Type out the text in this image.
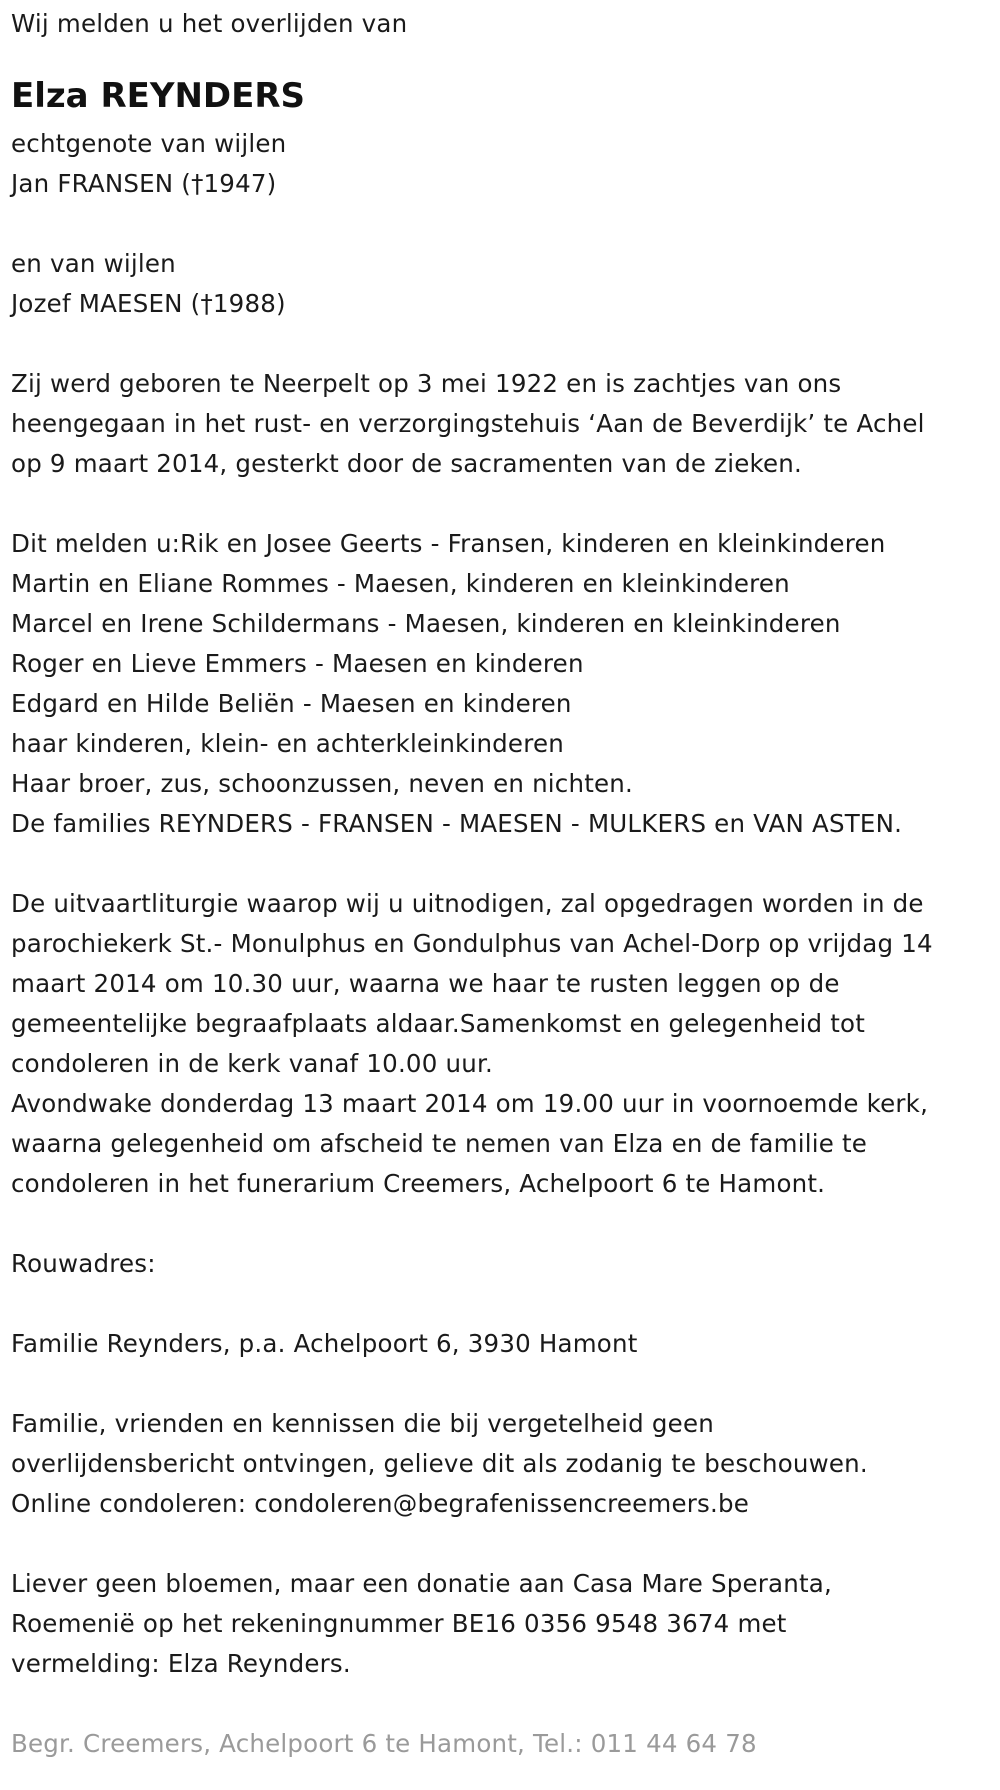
Wij melden u het overlijden van
Elza REYNDERS
echtgenote van wijlen
Jan FRANSEN (†1947)
en van wijlen
Jozef MAESEN (†1988)
Zij werd geboren te Neerpelt op 3 mei 1922 en is zachtjes van ons
heengegaan in het rust- en verzorgingstehuis ‘Aan de Beverdijk’ te Achel
op 9 maart 2014, gesterkt door de sacramenten van de zieken.
Dit melden u:Rik en Josee Geerts - Fransen, kinderen en kleinkinderen
Martin en Eliane Rommes - Maesen, kinderen en kleinkinderen
Marcel en Irene Schildermans - Maesen, kinderen en kleinkinderen
Roger en Lieve Emmers - Maesen en kinderen
Edgard en Hilde Beliën - Maesen en kinderen
haar kinderen, klein- en achterkleinkinderen
Haar broer, zus, schoonzussen, neven en nichten.
De families REYNDERS - FRANSEN - MAESEN - MULKERS en VAN ASTEN.
De uitvaartliturgie waarop wij u uitnodigen, zal opgedragen worden in de
parochiekerk St.- Monulphus en Gondulphus van Achel-Dorp op vrijdag 14
maart 2014 om 10.30 uur, waarna we haar te rusten leggen op de
gemeentelijke begraafplaats aldaar.Samenkomst en gelegenheid tot
condoleren in de kerk vanaf 10.00 uur.
Avondwake donderdag 13 maart 2014 om 19.00 uur in voornoemde kerk,
waarna gelegenheid om afscheid te nemen van Elza en de familie te
condoleren in het funerarium Creemers, Achelpoort 6 te Hamont.
Rouwadres:
Familie Reynders, p.a. Achelpoort 6, 3930 Hamont
Familie, vrienden en kennissen die bij vergetelheid geen
overlijdensbericht ontvingen, gelieve dit als zodanig te beschouwen.
Online condoleren: condoleren@begrafenissencreemers.be
Liever geen bloemen, maar een donatie aan Casa Mare Speranta,
Roemenië op het rekeningnummer BE16 0356 9548 3674 met
vermelding: Elza Reynders.
Begr. Creemers, Achelpoort 6 te Hamont, Tel.: 011 44 64 78
